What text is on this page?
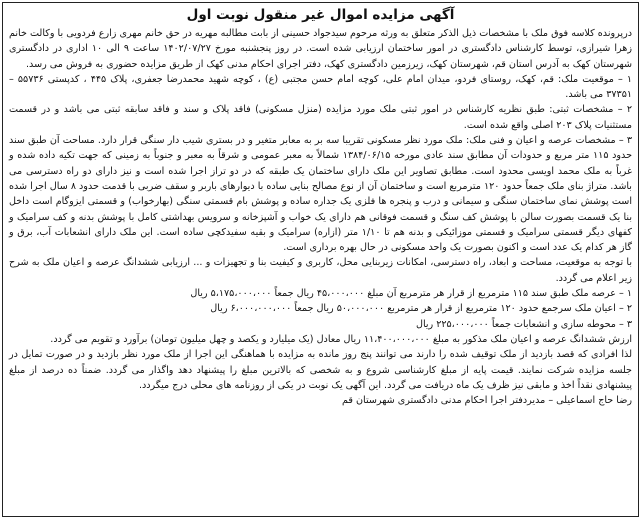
آگهی مزایده اموال غیر منقول نوبت اول

درپرونده کلاسه فوق ملک با مشخصات ذیل الذکر متعلق به ورثه مرحوم سیدجواد حسینی از بابت مطالبه مهریه در حق خانم مهری زارع فردویی با وکالت خانم زهرا شیرازی، توسط کارشناس دادگستری در امور ساختمان ارزیابی شده است. در روز پنجشنبه مورخ ۱۴۰۲/۰۷/۲۷ ساعت ۹ الی ۱۰ اداری در دادگستری شهرستان کهک به آدرس استان قم، شهرستان کهک، زیرزمین دادگستری کهک، دفتر اجرای احکام مدنی کهک از طریق مزایده حضوری به فروش می رسد.

۱ – موقعیت ملک: قم، کهک، روستای فردو، میدان امام علی، کوچه امام حسن مجتبی (ع) ، کوچه شهید محمدرضا جعفری، پلاک ۴۴۵ ، کدپستی ۵۵۷۳۶ – ۳۷۳۵۱ می باشد.

۲ – مشخصات ثبتی: طبق نظریه کارشناس در امور ثبتی ملک مورد مزایده (منزل مسکونی) فاقد پلاک و سند و فاقد سابقه ثبتی می باشد و در قسمت مستثنیات پلاک ۲۰۳ اصلی واقع شده است.

۳ – مشخصات عرصه و اعیان و فنی ملک: ملک مورد نظر مسکونی تقریبا سه بر به معابر متغیر و در بستری شیب دار سنگی قرار دارد. مساحت آن طبق سند حدود ۱۱۵ متر مربع و حدودات آن مطابق سند عادی مورخه ۱۳۸۴/۰۶/۱۵ شمالاً به معبر عمومی و شرقاً به معبر و جنوباً به زمینی که جهت تکیه داده شده و غرباً به ملک محمد اویسی محدود است. مطابق تصاویر این ملک دارای ساختمان یک طبقه که در دو تراز اجرا شده است و نیز دارای دو راه دسترسی می باشد. متراژ بنای ملک جمعاً حدود ۱۲۰ مترمربع است و ساختمان آن از نوع مصالح بنایی ساده با دیوارهای باربر و سقف ضربی با قدمت حدود ۸ سال اجرا شده است پوشش نمای ساختمان سنگی و سیمانی و درب و پنجره ها فلزی یک جداره ساده و پوشش بام قسمتی سنگی (بهارخواب) و قسمتی ایزوگام است داخل بنا یک قسمت بصورت سالن با پوشش کف سنگ و قسمت فوقانی هم دارای یک خواب و آشپزخانه و سرویس بهداشتی کامل با پوشش بدنه و کف سرامیک و کفهای دیگر قسمتی سرامیک و قسمتی موزائیکی و بدنه هم تا ۱/۱۰ متر (ازاره) سرامیک و بقیه سفیدکچی ساده است. این ملک دارای انشعابات آب، برق و گاز هر کدام یک عدد است و اکنون بصورت یک واحد مسکونی در حال بهره برداری است.

با توجه به موقعیت، مساحت و ابعاد، راه دسترسی، امکانات زیربنایی محل، کاربری و کیفیت بنا و تجهیزات و ... ارزیابی ششدانگ عرصه و اعیان ملک به شرح زیر اعلام می گردد.

۱ – عرصه ملک طبق سند ۱۱۵ مترمربع از قرار هر مترمربع آن مبلغ ۴۵،۰۰۰،۰۰۰ ریال جمعاً ۵،۱۷۵،۰۰۰،۰۰۰ ریال

۲ – اعیان ملک سرجمع حدود ۱۲۰ مترمربع از قرار هر مترمربع ۵۰،۰۰۰،۰۰۰ ریال جمعاً ۶،۰۰۰،۰۰۰،۰۰۰ ریال

۳ – محوطه سازی و انشعابات جمعاً ۲۲۵،۰۰۰،۰۰۰ ریال

ارزش ششدانگ عرصه و اعیان ملک مذکور به مبلغ ۱۱،۴۰۰،۰۰۰،۰۰۰ ریال معادل (یک میلیارد و یکصد و چهل میلیون تومان) برآورد و تقویم می گردد.

لذا افرادی که قصد بازدید از ملک توقیف شده را دارند می توانند پنج روز مانده به مزایده با هماهنگی این اجرا از ملک مورد نظر بازدید و در صورت تمایل در جلسه مزایده شرکت نمایند. قیمت پایه از مبلغ کارشناسی شروع و به شخصی که بالاترین مبلغ را پیشنهاد دهد واگذار می گردد. ضمناً ده درصد از مبلغ پیشنهادی نقداً اخذ و مابقی نیز ظرف یک ماه دریافت می گردد. این آگهی یک نوبت در یکی از روزنامه های محلی درج میگردد.

رضا حاج اسماعیلی – مدیردفتر اجرا احکام مدنی دادگستری شهرستان قم
